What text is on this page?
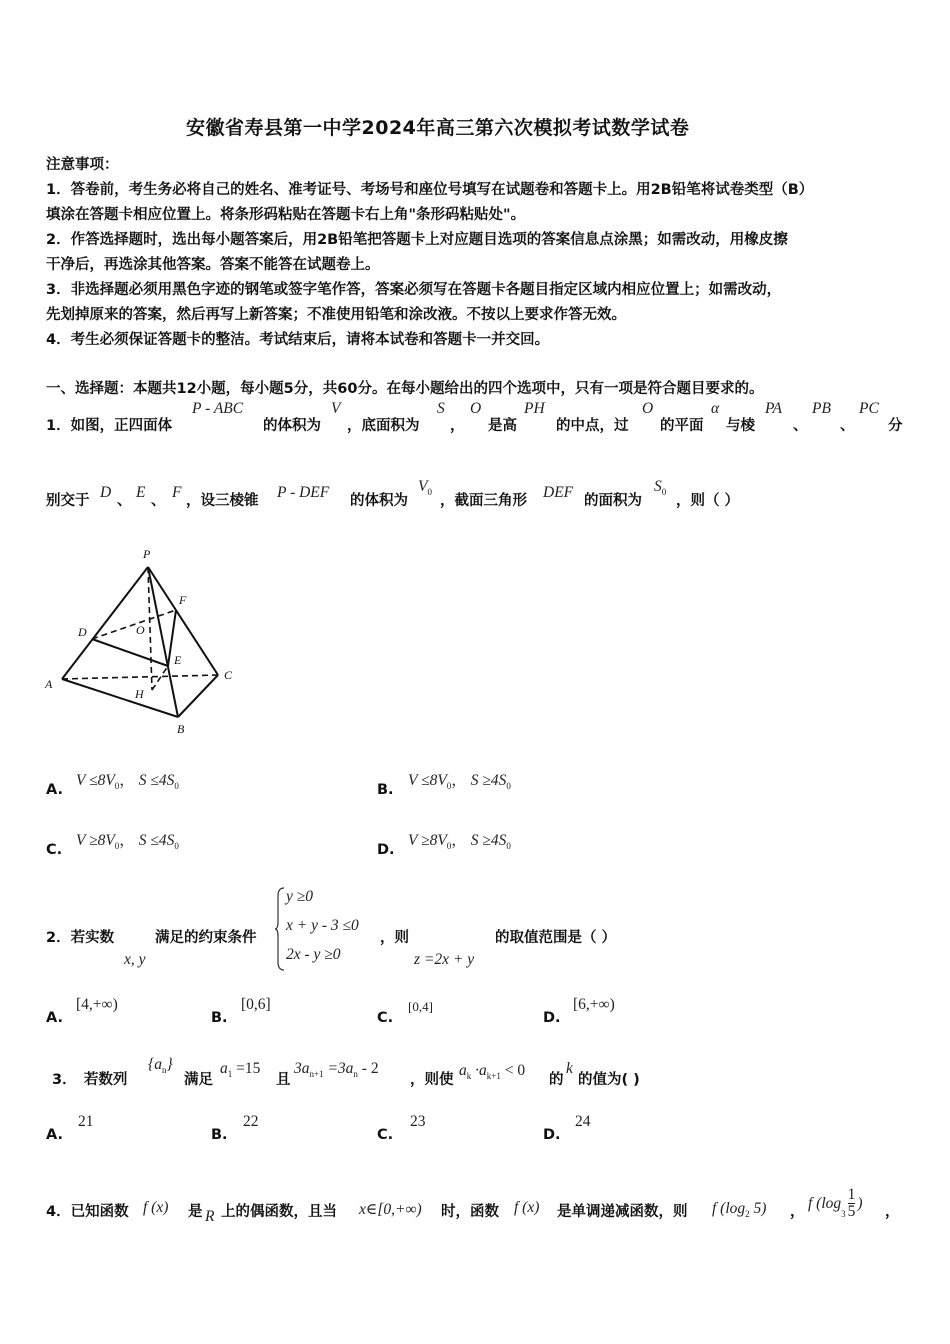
安徽省寿县第一中学2024年高三第六次模拟考试数学试卷
注意事项：
1．答卷前，考生务必将自己的姓名、准考证号、考场号和座位号填写在试题卷和答题卡上。用2B铅笔将试卷类型（B）
填涂在答题卡相应位置上。将条形码粘贴在答题卡右上角"条形码粘贴处"。
2．作答选择题时，选出每小题答案后，用2B铅笔把答题卡上对应题目选项的答案信息点涂黑；如需改动，用橡皮擦
干净后，再选涂其他答案。答案不能答在试题卷上。
3．非选择题必须用黑色字迹的钢笔或签字笔作答，答案必须写在答题卡各题目指定区域内相应位置上；如需改动，
先划掉原来的答案，然后再写上新答案；不准使用铅笔和涂改液。不按以上要求作答无效。
4．考生必须保证答题卡的整洁。考试结束后，请将本试卷和答题卡一并交回。
一、选择题：本题共12小题，每小题5分，共60分。在每小题给出的四个选项中，只有一项是符合题目要求的。
1．如图，正四面体
P - ABC
的体积为
V
，底面积为
S
，
O
是高
PH
的中点，过
O
的平面
α
与棱
PA
、
PB
、
PC
分
别交于 D 、 E 、 F ，设三棱锥 P - DEF 的体积为
$V_0$
，截面三角形 DEF 的面积为
$S_0$
，则（ ）
P
F
D	O
E
A
C
H
B
A.
$V \le 8V_0$， $S \le 4S_0$	B.
$V \le 8V_0$， $S \ge 4S_0$
C.
$V \ge 8V_0$， $S \le 4S_0$	D.
$V \ge 8V_0$， $S \ge 4S_0$
2．若实数
x, y
满足的约束条件
y ≥0
x + y - 3 ≤0
2x - y ≥0
，则
z =2x + y
的取值范围是（ ）
A.
[4,+∞)
B.
[0,6]
C.
[0,4]
D.
[6,+∞)
3．　若数列
$\{a_n\}$
满足
$a_1 =15$
且
$3a_{n+1} =3a_n - 2$
，则使
$a_k \cdot a_{k+1} < 0$
的
k
的值为( )
A.
21
B.
22
C.
23
D.
24
4．已知函数 f (x) 是 R 上的偶函数，且当 x∈[0,+∞) 时，函数 f (x) 是单调递减函数，则 f ($\log_2$ 5) ，
f ($\log_3 \frac{1}{5}$ )
，
